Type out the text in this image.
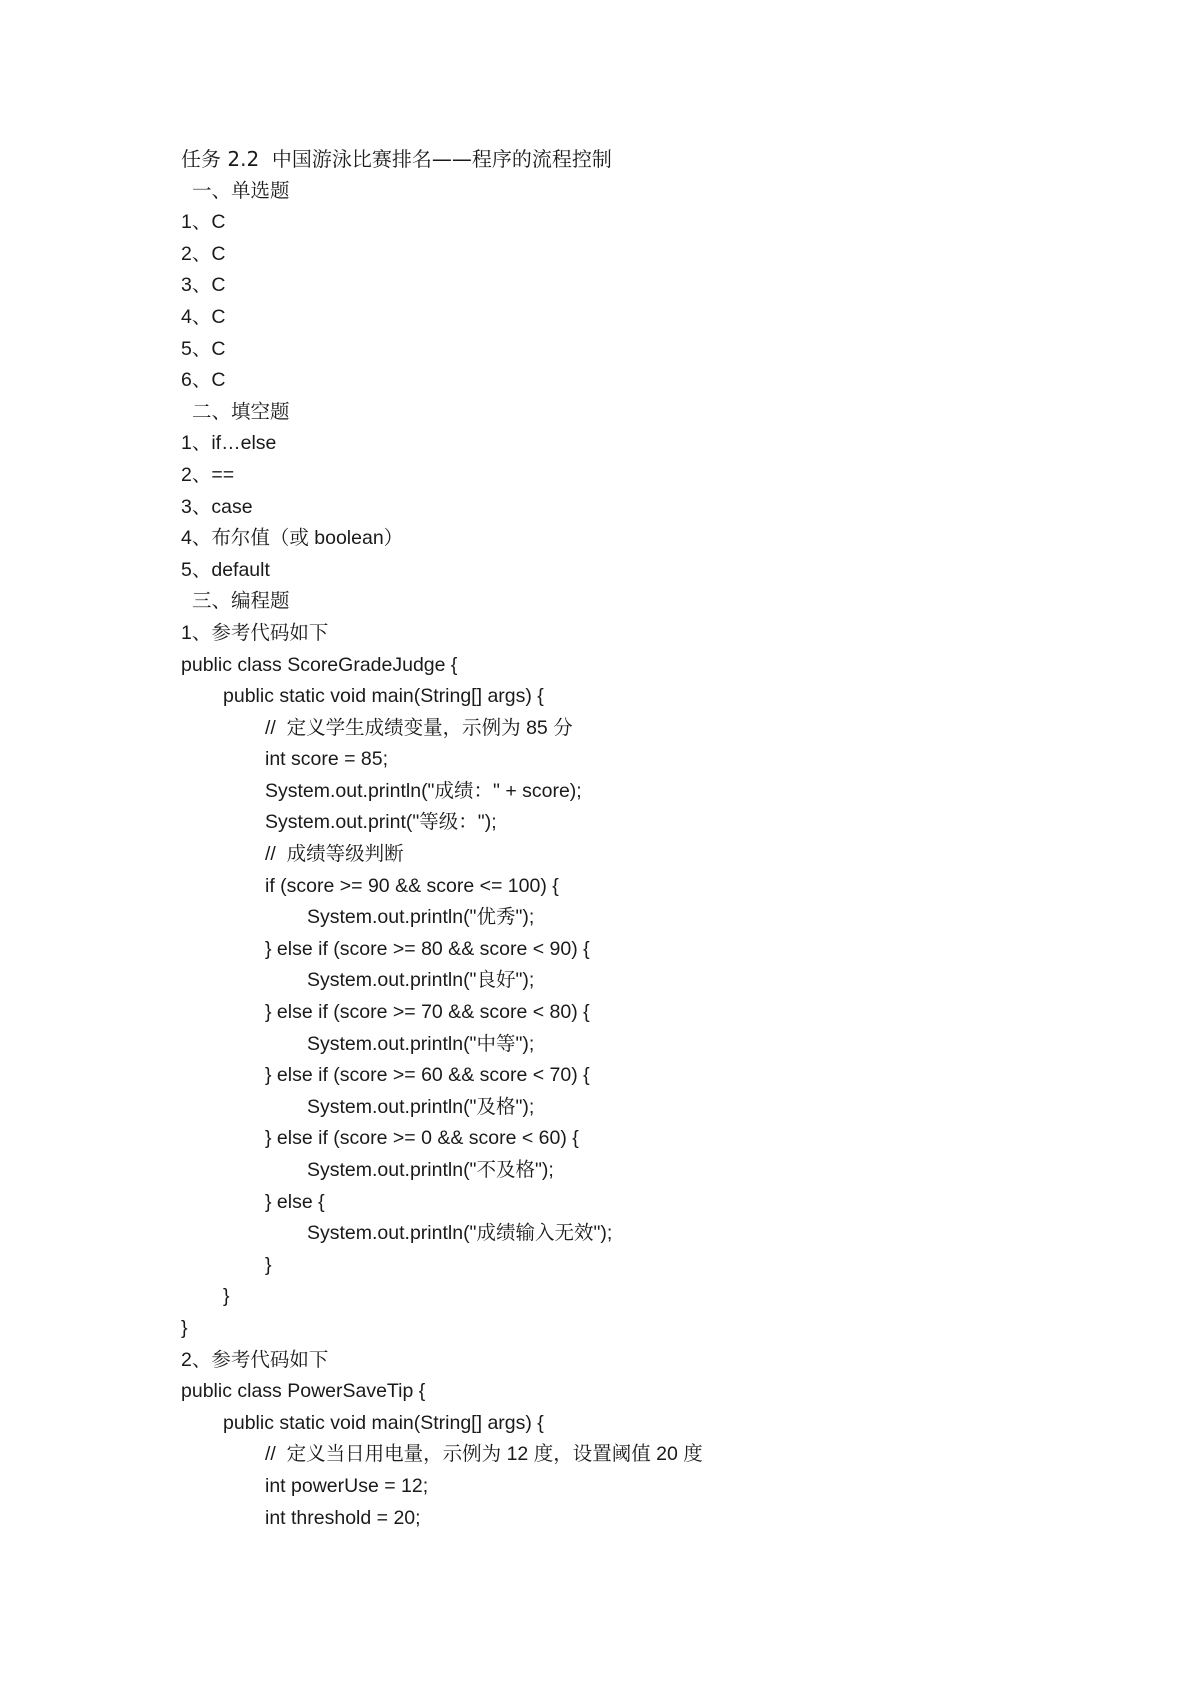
任务 2.2  中国游泳比赛排名——程序的流程控制
一、单选题
1、C
2、C
3、C
4、C
5、C
6、C
二、填空题
1、if…else
2、==
3、case
4、布尔值（或 boolean）
5、default
三、编程题
1、参考代码如下
public class ScoreGradeJudge {
public static void main(String[] args) {
//  定义学生成绩变量，示例为 85 分
int score = 85;
System.out.println("成绩：" + score);
System.out.print("等级：");
//  成绩等级判断
if (score >= 90 && score <= 100) {
System.out.println("优秀");
} else if (score >= 80 && score < 90) {
System.out.println("良好");
} else if (score >= 70 && score < 80) {
System.out.println("中等");
} else if (score >= 60 && score < 70) {
System.out.println("及格");
} else if (score >= 0 && score < 60) {
System.out.println("不及格");
} else {
System.out.println("成绩输入无效");
}
}
}
2、参考代码如下
public class PowerSaveTip {
public static void main(String[] args) {
//  定义当日用电量，示例为 12 度，设置阈值 20 度
int powerUse = 12;
int threshold = 20;
